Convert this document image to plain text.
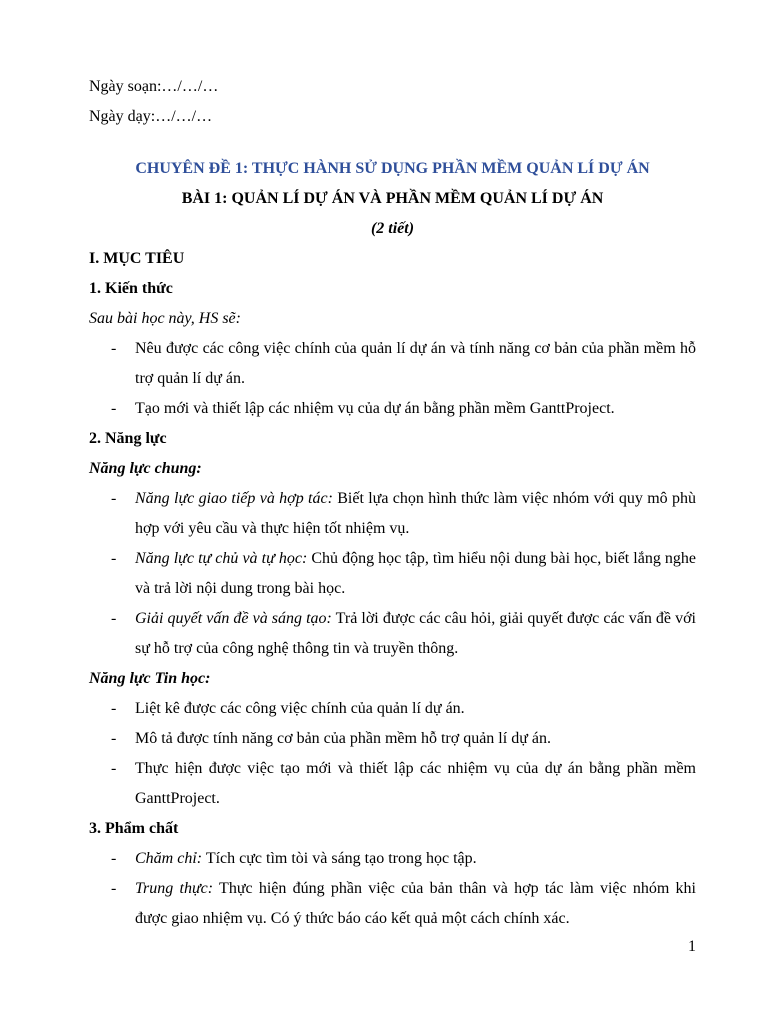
Ngày soạn:…/…/…
Ngày dạy:…/…/…
CHUYÊN ĐỀ 1: THỰC HÀNH SỬ DỤNG PHẦN MỀM QUẢN LÍ DỰ ÁN
BÀI 1: QUẢN LÍ DỰ ÁN VÀ PHẦN MỀM QUẢN LÍ DỰ ÁN
(2 tiết)
I. MỤC TIÊU
1. Kiến thức
Sau bài học này, HS sẽ:
- Nêu được các công việc chính của quản lí dự án và tính năng cơ bản của phần mềm hỗ trợ quản lí dự án.
- Tạo mới và thiết lập các nhiệm vụ của dự án bằng phần mềm GanttProject.
2. Năng lực
Năng lực chung:
- Năng lực giao tiếp và hợp tác: Biết lựa chọn hình thức làm việc nhóm với quy mô phù hợp với yêu cầu và thực hiện tốt nhiệm vụ.
- Năng lực tự chủ và tự học: Chủ động học tập, tìm hiểu nội dung bài học, biết lắng nghe và trả lời nội dung trong bài học.
- Giải quyết vấn đề và sáng tạo: Trả lời được các câu hỏi, giải quyết được các vấn đề với sự hỗ trợ của công nghệ thông tin và truyền thông.
Năng lực Tin học:
- Liệt kê được các công việc chính của quản lí dự án.
- Mô tả được tính năng cơ bản của phần mềm hỗ trợ quản lí dự án.
- Thực hiện được việc tạo mới và thiết lập các nhiệm vụ của dự án bằng phần mềm GanttProject.
3. Phẩm chất
- Chăm chỉ: Tích cực tìm tòi và sáng tạo trong học tập.
- Trung thực: Thực hiện đúng phần việc của bản thân và hợp tác làm việc nhóm khi được giao nhiệm vụ. Có ý thức báo cáo kết quả một cách chính xác.
1
